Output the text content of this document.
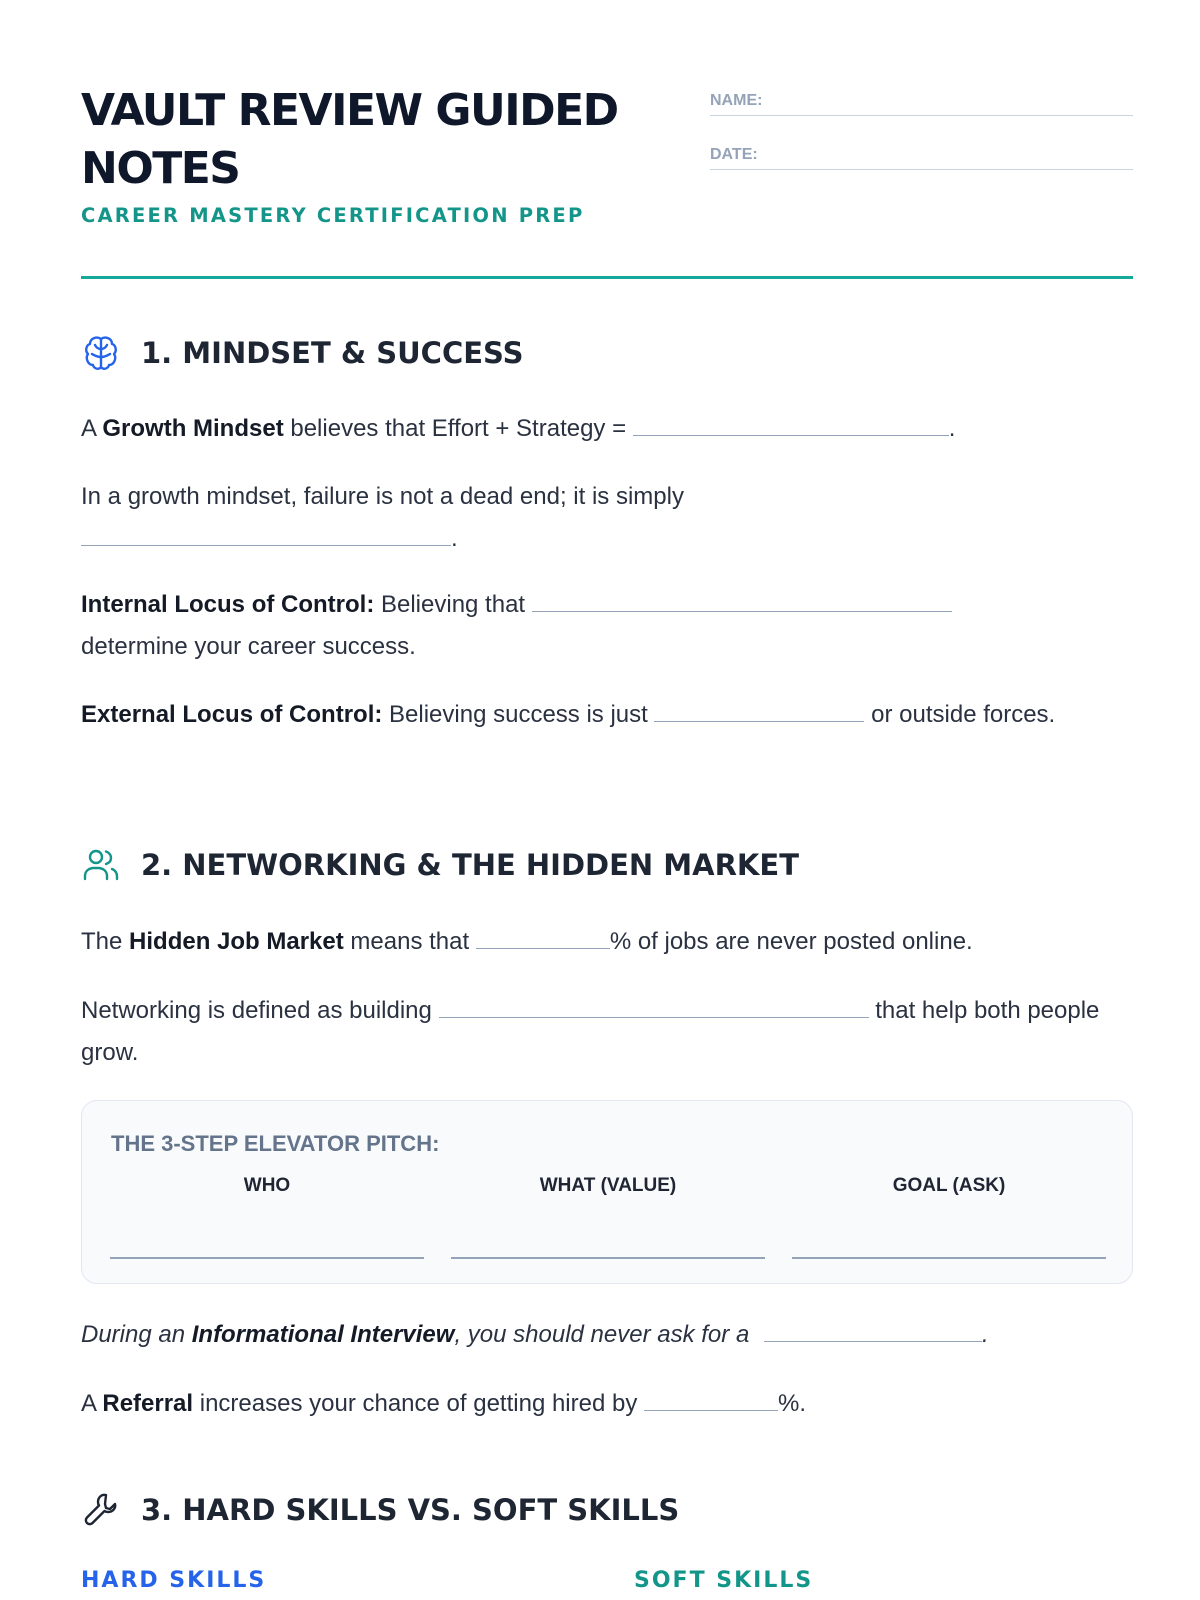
VAULT REVIEW GUIDED NOTES
CAREER MASTERY CERTIFICATION PREP
NAME:
DATE:
1. MINDSET & SUCCESS
A Growth Mindset believes that Effort + Strategy =	.
In a growth mindset, failure is not a dead end; it is simply
.
Internal Locus of Control: Believing that
determine your career success.
External Locus of Control: Believing success is just	or outside forces.
2. NETWORKING & THE HIDDEN MARKET
The Hidden Job Market means that	% of jobs are never posted online.
Networking is defined as building	that help both people grow.
THE 3-STEP ELEVATOR PITCH:
WHO	WHAT (VALUE)	GOAL (ASK)
During an Informational Interview, you should never ask for a	.
A Referral increases your chance of getting hired by	%.
3. HARD SKILLS VS. SOFT SKILLS
HARD SKILLS	SOFT SKILLS
